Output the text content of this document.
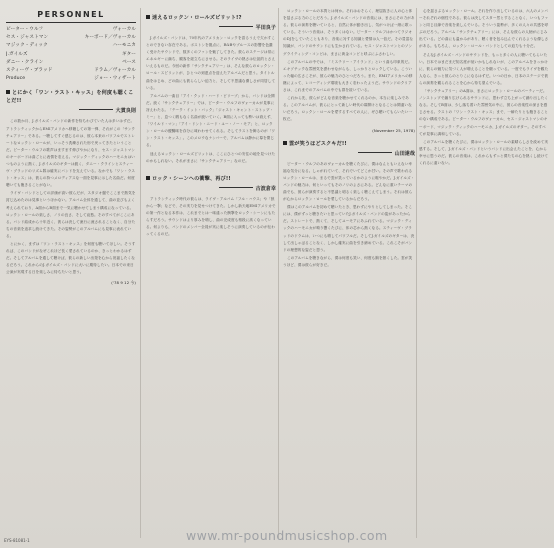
PERSONNEL
ピーター・ウルフ	ヴォーカル
セス・ジャストマン	キーボード／ヴォーカル
マジック・ディック	ハーモニカ
J.ガイルズ	ギター
ダニー・クライン	ベース
スティーヴ・ブラッド	ドラム／ヴォーカル
Produce	ジョー・ウィザート
とにかく「ワン・ラスト・キッス」を何度も聴くことだ!!
大貫良則
この数か月、J.ガイルズ・バンドの新作を待ちわびていた人は多いはずだ。アトランティックからEMIアメリカへ移籍しての第一弾、それがこの「サンクチュアリー」である。一聴してすぐ感じるのは、彼ら本来のパワフルでストレートなロックン・ロールが、いっそう洗練された形で戻ってきたということだ。ピーター・ウルフの歌声はますます伸びやかになり、セス・ジャストマンのキーボードは曲ごとに表情を変える。マジック・ディックのハーモニカはいつものように熱く、J.ガイルズのギターは鋭く、ダニー・クラインとスティーヴ・ブラッドのリズム隊は確実にバンドを支えている。なかでも「ワン・ラスト・キッス」は、彼らの持つメロディアスな一面を見事に示した名曲だ。何度聴いても飽きることがない。
ライヴ・バンドとしての評価が高い彼らだが、スタジオ盤でここまで熱気を封じ込めたのは見事というほかない。アルバム全体を通して、曲の並びもよく考えられており、A面からB面まで一気に聴かせてしまう構成になっている。ロックン・ロールの楽しさ、ノリの良さ、そして哀愁。そのすべてがここにある。バンド結成から十年近く、彼らは決して流行に流されることなく、自分たちの音楽を追求し続けてきた。その姿勢がこのアルバムにも見事に表れている。
とにかく、まずは「ワン・ラスト・キッス」を何度も聴いてほしい。そうすれば、このバンドがなぜこれほど長く愛されているのか、きっとわかるはずだ。そしてアルバムを通して聴けば、彼らの新しい出発を心から祝福したくなるだろう。これからのJ.ガイルズ・バンドに大いに期待したい。日本での来日公演が実現する日を楽しみに待ちたいと思う。
('78 9 12 今)
迷えるロックン・ロールズピリット!?
平田良子
J.ガイルズ・バンドは、70年代のアメリカン・ロックを語るうえで欠かすことのできない存在である。ボストンを拠点に、R&Bやブルースの影響を色濃く受けたサウンドで、数多くのファンを魅了してきた。彼らのステージは常にエネルギーに満ち、観客を総立ちにさせる。そのライヴの熱さは伝説的とさえいえるものだ。今回の新作「サンクチュアリー」は、そんな彼らのロックン・ロール・スピリットが、ひとつの到達点を迎えたアルバムだと思う。タイトル曲をはじめ、どの曲にも彼ららしい迫力と、そして不思議な優しさが同居している。
アルバムの一曲目「アイ・クッド・ハード・ビリーブ」から、バンドは全開だ。続く「サンクチュアリー」では、ピーター・ウルフのヴォーカルが見事に冴えわたる。「テーク・イット・バック」「ジャスト・キャント・ストップ・ミー」と、息つく暇もなく名曲が続いていく。B面に入っても勢いは衰えず、「ワイルド・マン」「アイ・ドント・ニード・ユー・ノー・モア」と、ロックン・ロールの醍醐味を存分に味わわせてくれる。そしてラストを飾るのが「ワン・ラスト・キッス」。このメロウなナンバーで、アルバムは静かに幕を閉じる。
迷えるロックン・ロールズピリットは、ここにひとつの安住の地を見つけたのかもしれない。それがまさに「サンクチュアリー」なのだ。
ロック・シーンへの衝撃、再び!!
古波倉幸
アトランティック時代の彼らは、ライヴ・アルバム「フル・ハウス」や「狼から一撃」などで、その実力を見せつけてきた。しかし新天地EMIアメリカでの第一作となる本作は、これまでとは一味違った衝撃をロック・シーンにもたらすだろう。サウンドはより厚みを増し、曲の完成度も格段に高くなっている。何よりも、バンドのメンバー全員が実に楽しそうに演奏しているのが伝わってくるのだ。
ロックン・ロールの本質とは何か。それはおそらく、理屈抜きに人の心と体を揺さぶる力のことだろう。J.ガイルズ・バンドの音楽には、まさにその力がある。彼らの演奏を聴いていると、自然に体が動き出し、気がつけば一緒に歌っている。そういう音楽は、そう多くはない。ピーター・ウルフはかつてラジオのDJをしていたこともあり、音楽に対する知識と愛情は人一倍だ。その豊富な知識が、バンドのサウンドにも生かされている。セス・ジャストマンとのソングライティング・コンビは、まさに黄金コンビと呼ぶにふさわしい。
このアルバムの中では、「ミステリー・アイランド」という曲も印象的だ。エキゾチックな雰囲気を漂わせながらも、しっかりとロックしている。こういった幅の広さこそが、彼らの魅力のひとつだろう。また、EMIアメリカへの移籍によって、レコーディング環境も大きく変わったようだ。サウンドのクリアさは、これまでのアルバムの中でも群を抜いている。
これから先、彼らがどんな音楽を聴かせてくれるのか、本当に楽しみである。このアルバムが、彼らにとって新しい時代の幕開けとなることは間違いないだろう。ロックン・ロールを愛するすべての人に、ぜひ聴いてもらいたい一枚だ。
(November 25, 1978)
雲が笑うほどスクキだ!!
山田達哉
ピーター・ウルフのあのヴォーカルを聴くたびに、僕はなんともいえない幸福な気分になる。しゃがれていて、それでいてどこか甘い。その声で歌われるロックン・ロールは、まるで雲が笑っているかのように軽やかだ。J.ガイルズ・バンドの魅力は、何といってもそのノリのよさにある。どんなに重いテーマの曲でも、彼らが演奏すると不思議と明るく楽しく聴こえてしまう。それは彼らが心からロックン・ロールを愛しているからだろう。
僕はこのアルバムを初めて聴いたとき、思わずにやりとしてしまった。そこには、僕がずっと聴きたいと思っていたJ.ガイルズ・バンドの姿があったからだ。ストレートで、熱くて、そしてユーモアにあふれている。マジック・ディックのハーモニカが鳴り響くたびに、体の芯から熱くなる。スティーヴ・ブラッドのドラムは、いつにも増してパワフルだ。そしてJ.ガイルズのギターは、決して出しゃばることなく、しかし確実に曲を引き締めている。これこそがバンドの理想的な姿だと思う。
このアルバムを聴きながら、僕は何度も笑い、何度も胸を熱くした。雲が笑うほど、僕は彼らが好きだ。
心を揺さぶるロックン・ロール。それを作り出しているのは、六人のメンバーそれぞれの個性である。彼らは決してスター然とすることなく、いつもファンと同じ目線で音楽を楽しんでいる。そういう姿勢が、多くの人々の共感を呼ぶのだろう。アルバム「サンクチュアリー」には、そんな彼らの人柄がにじみ出ている。どの曲にも温かみがあり、聴く者を包み込んでくれるような優しさがある。もちろん、ロックン・ロール・バンドとしての迫力も十分だ。
そんなJ.ガイルズ・バンドのサウンドを、もっと多くの人に聴いてもらいたい。日本ではまだまだ知名度が低いかもしれないが、このアルバムをきっかけに、彼らの魅力に気づく人が増えることを願っている。一度でもライヴを観た人なら、きっと彼らのとりこになるはずだ。いつの日か、日本のステージで彼らの演奏を観られることを心から待ち望んでいる。
「サンクチュアリー」のA面は、まさにロックン・ロールのパーティーだ。ノンストップで繰り広げられるサウンドに、思わず立ち上がって踊り出したくなる。そしてB面は、少し落ち着いた雰囲気の中に、彼らの音楽性の深さを感じさせる。ラストの「ワン・ラスト・キッス」まで、一瞬たりとも飽きることのない構成である。ピーター・ウルフのヴォーカル、セス・ジャストマンのキーボード、マジック・ディックのハーモニカ、J.ガイルズのギター。そのすべてが見事に調和している。
このアルバムを聴くたびに、僕はロックン・ロールの素晴らしさを改めて実感する。そして、J.ガイルズ・バンドというバンドに出会えたことを、心から幸せに思うのだ。彼らの音楽は、これからもずっと僕たちの心を熱くし続けてくれるに違いない。
EYS-81081-1	www.mr-poundmusicshop.com
